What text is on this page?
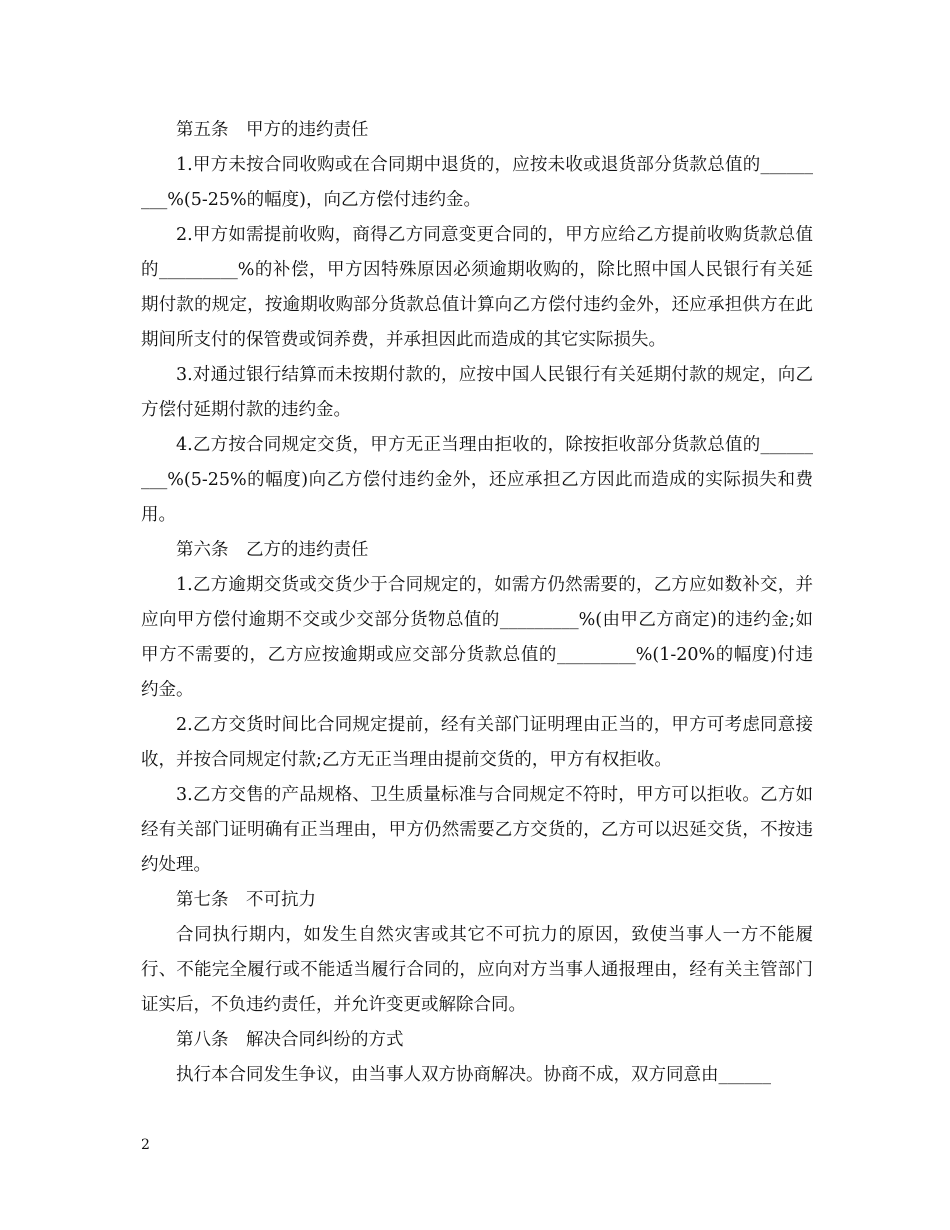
第五条　甲方的违约责任

1.甲方未按合同收购或在合同期中退货的，应按未收或退货部分货款总值的_________%(5-25%的幅度)，向乙方偿付违约金。

2.甲方如需提前收购，商得乙方同意变更合同的，甲方应给乙方提前收购货款总值的_________%的补偿，甲方因特殊原因必须逾期收购的，除比照中国人民银行有关延期付款的规定，按逾期收购部分货款总值计算向乙方偿付违约金外，还应承担供方在此期间所支付的保管费或饲养费，并承担因此而造成的其它实际损失。

3.对通过银行结算而未按期付款的，应按中国人民银行有关延期付款的规定，向乙方偿付延期付款的违约金。

4.乙方按合同规定交货，甲方无正当理由拒收的，除按拒收部分货款总值的_________%(5-25%的幅度)向乙方偿付违约金外，还应承担乙方因此而造成的实际损失和费用。

第六条　乙方的违约责任

1.乙方逾期交货或交货少于合同规定的，如需方仍然需要的，乙方应如数补交，并应向甲方偿付逾期不交或少交部分货物总值的_________%(由甲乙方商定)的违约金;如甲方不需要的，乙方应按逾期或应交部分货款总值的_________%(1-20%的幅度)付违约金。

2.乙方交货时间比合同规定提前，经有关部门证明理由正当的，甲方可考虑同意接收，并按合同规定付款;乙方无正当理由提前交货的，甲方有权拒收。

3.乙方交售的产品规格、卫生质量标准与合同规定不符时，甲方可以拒收。乙方如经有关部门证明确有正当理由，甲方仍然需要乙方交货的，乙方可以迟延交货，不按违约处理。

第七条　不可抗力

合同执行期内，如发生自然灾害或其它不可抗力的原因，致使当事人一方不能履行、不能完全履行或不能适当履行合同的，应向对方当事人通报理由，经有关主管部门证实后，不负违约责任，并允许变更或解除合同。

第八条　解决合同纠纷的方式

执行本合同发生争议，由当事人双方协商解决。协商不成，双方同意由______

2
